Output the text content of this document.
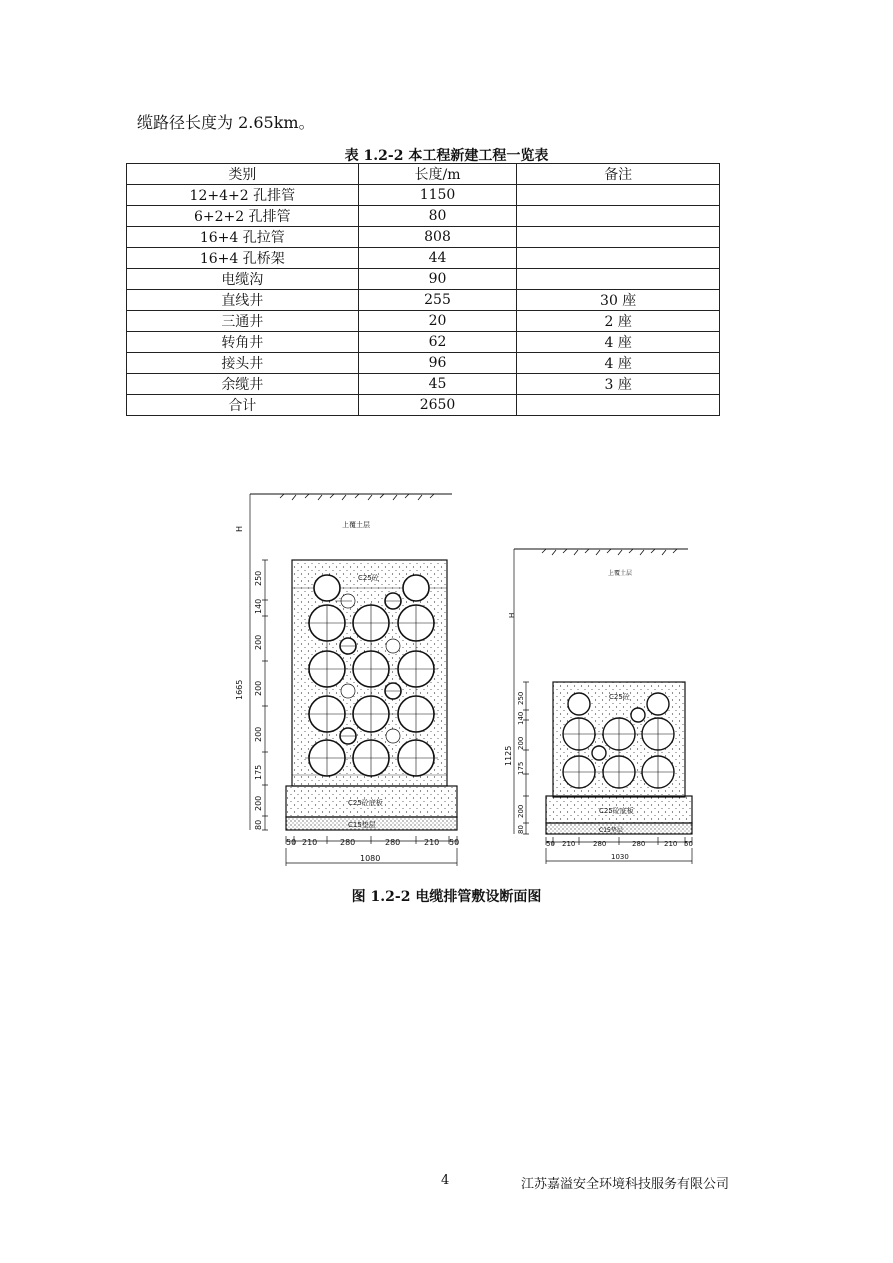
缆路径长度为 2.65km。
表 1.2-2 本工程新建工程一览表
类别	长度/m	备注
12+4+2 孔排管	1150	
6+2+2 孔排管	80	
16+4 孔拉管	808	
16+4 孔桥架	44	
电缆沟	90	
直线井	255	30 座
三通井	20	2 座
转角井	62	4 座
接头井	96	4 座
余缆井	45	3 座
合计	2650	
上覆土层
H
1665
250
140
200
200
200
175
200
80
C25砼
C25砼底板
C15垫层
50 210	280	280	210 50
1080
上覆土层
H
1125
250
140
200
175
200
80
C25砼
C25砼底板
C15垫层
50 210	280	280	210 50
1030
图 1.2-2 电缆排管敷设断面图
4	江苏嘉溢安全环境科技服务有限公司
